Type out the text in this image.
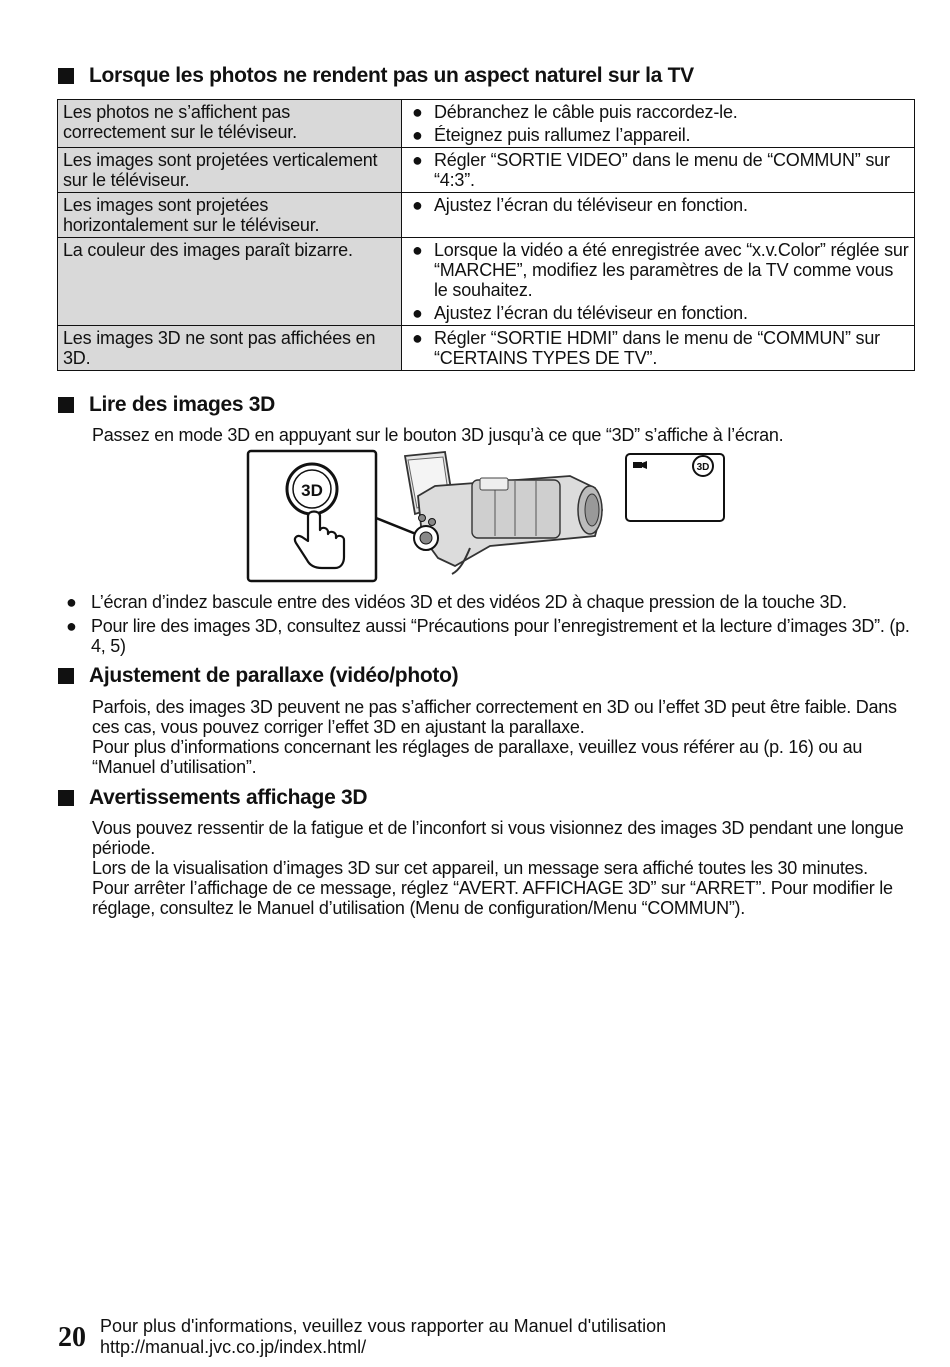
Lorsque les photos ne rendent pas un aspect naturel sur la TV
Les photos ne s’affichent pas correctement sur le téléviseur.	● Débranchez le câble puis raccordez-le.
● Éteignez puis rallumez l’appareil.

Les images sont projetées verticalement sur le téléviseur.	● Régler “SORTIE VIDEO” dans le menu de “COMMUN” sur “4:3”.

Les images sont projetées horizontalement sur le téléviseur.	● Ajustez l’écran du téléviseur en fonction.

La couleur des images paraît bizarre.	● Lorsque la vidéo a été enregistrée avec “x.v.Color” réglée sur “MARCHE”, modifiez les paramètres de la TV comme vous le souhaitez.
● Ajustez l’écran du téléviseur en fonction.

Les images 3D ne sont pas affichées en 3D.	● Régler “SORTIE HDMI” dans le menu de “COMMUN” sur “CERTAINS TYPES DE TV”.
Lire des images 3D
Passez en mode 3D en appuyant sur le bouton 3D jusqu’à ce que “3D” s’affiche à l’écran.
3D
3D
● L’écran d’indez bascule entre des vidéos 3D et des vidéos 2D à chaque pression de la touche 3D.
● Pour lire des images 3D, consultez aussi “Précautions pour l’enregistrement et la lecture d’images 3D”. (p. 4, 5)
Ajustement de parallaxe (vidéo/photo)
Parfois, des images 3D peuvent ne pas s’afficher correctement en 3D ou l’effet 3D peut être faible. Dans ces cas, vous pouvez corriger l’effet 3D en ajustant la parallaxe.
Pour plus d’informations concernant les réglages de parallaxe, veuillez vous référer au (p. 16) ou au “Manuel d’utilisation”.
Avertissements affichage 3D
Vous pouvez ressentir de la fatigue et de l’inconfort si vous visionnez des images 3D pendant une longue période.
Lors de la visualisation d’images 3D sur cet appareil, un message sera affiché toutes les 30 minutes.
Pour arrêter l’affichage de ce message, réglez “AVERT. AFFICHAGE 3D” sur “ARRET”. Pour modifier le réglage, consultez le Manuel d’utilisation (Menu de configuration/Menu “COMMUN”).
20 Pour plus d'informations, veuillez vous rapporter au Manuel d'utilisation
http://manual.jvc.co.jp/index.html/
